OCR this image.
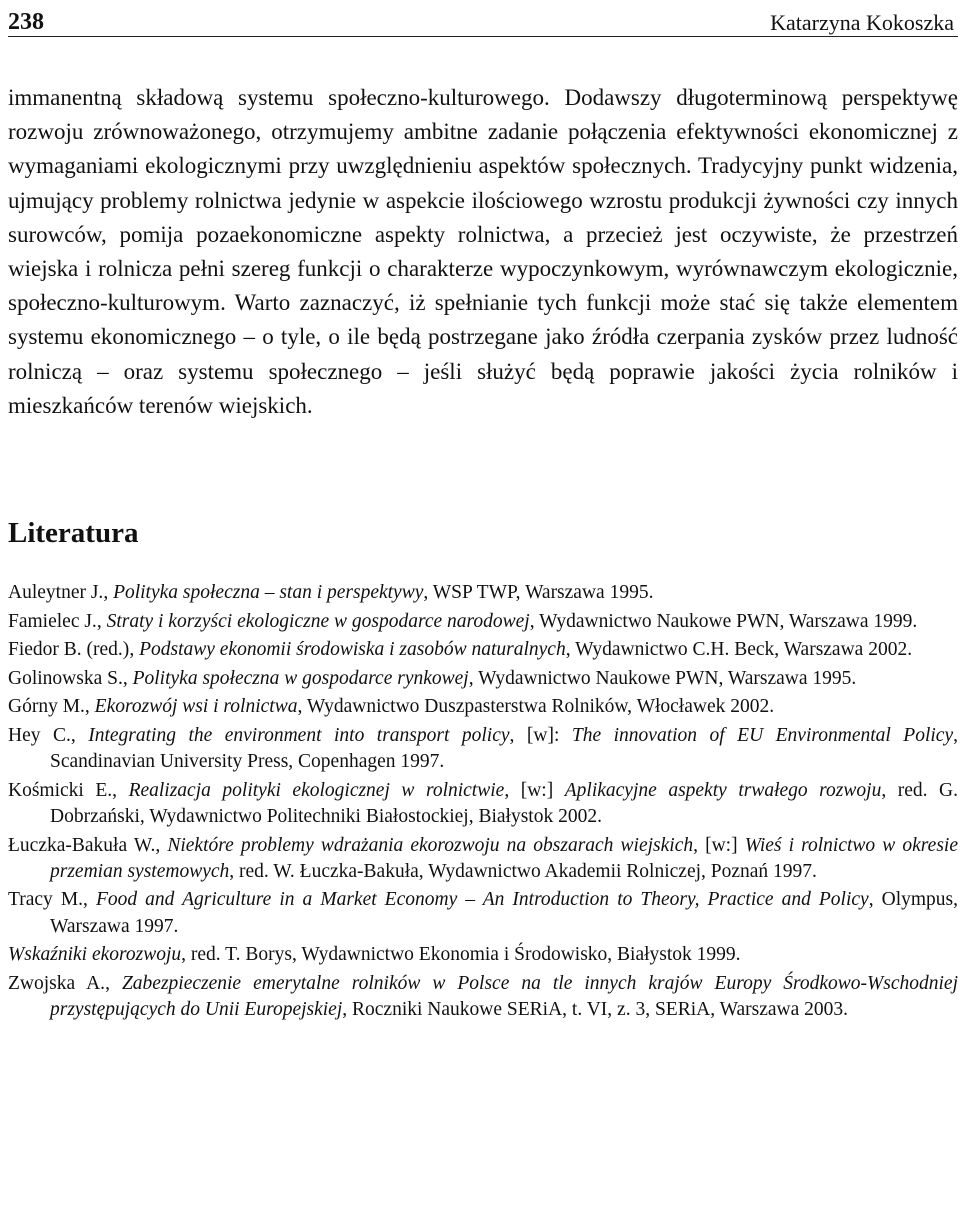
238	Katarzyna Kokoszka

immanentną składową systemu społeczno-kulturowego. Dodawszy długoterminową perspektywę rozwoju zrównoważonego, otrzymujemy ambitne zadanie połączenia efektywności ekonomicznej z wymaganiami ekologicznymi przy uwzględnieniu aspektów społecznych. Tradycyjny punkt widzenia, ujmujący problemy rolnictwa jedynie w aspekcie ilościowego wzrostu produkcji żywności czy innych surowców, pomija pozaekonomiczne aspekty rolnictwa, a przecież jest oczywiste, że przestrzeń wiejska i rolnicza pełni szereg funkcji o charakterze wypoczynkowym, wyrównawczym ekologicznie, społeczno-kulturowym. Warto zaznaczyć, iż spełnianie tych funkcji może stać się także elementem systemu ekonomicznego – o tyle, o ile będą postrzegane jako źródła czerpania zysków przez ludność rolniczą – oraz systemu społecznego – jeśli służyć będą poprawie jakości życia rolników i mieszkańców terenów wiejskich.

Literatura

Auleytner J., Polityka społeczna – stan i perspektywy, WSP TWP, Warszawa 1995.

Famielec J., Straty i korzyści ekologiczne w gospodarce narodowej, Wydawnictwo Naukowe PWN, Warszawa 1999.

Fiedor B. (red.), Podstawy ekonomii środowiska i zasobów naturalnych, Wydawnictwo C.H. Beck, Warszawa 2002.

Golinowska S., Polityka społeczna w gospodarce rynkowej, Wydawnictwo Naukowe PWN, Warszawa 1995.

Górny M., Ekorozwój wsi i rolnictwa, Wydawnictwo Duszpasterstwa Rolników, Włocławek 2002.

Hey C., Integrating the environment into transport policy, [w]: The innovation of EU Environmental Policy, Scandinavian University Press, Copenhagen 1997.

Kośmicki E., Realizacja polityki ekologicznej w rolnictwie, [w:] Aplikacyjne aspekty trwałego rozwoju, red. G. Dobrzański, Wydawnictwo Politechniki Białostockiej, Białystok 2002.

Łuczka-Bakuła W., Niektóre problemy wdrażania ekorozwoju na obszarach wiejskich, [w:] Wieś i rolnictwo w okresie przemian systemowych, red. W. Łuczka-Bakuła, Wydawnictwo Akademii Rolniczej, Poznań 1997.

Tracy M., Food and Agriculture in a Market Economy – An Introduction to Theory, Practice and Policy, Olympus, Warszawa 1997.

Wskaźniki ekorozwoju, red. T. Borys, Wydawnictwo Ekonomia i Środowisko, Białystok 1999.

Zwojska A., Zabezpieczenie emerytalne rolników w Polsce na tle innych krajów Europy Środkowo-Wschodniej przystępujących do Unii Europejskiej, Roczniki Naukowe SERiA, t. VI, z. 3, SERiA, Warszawa 2003.
